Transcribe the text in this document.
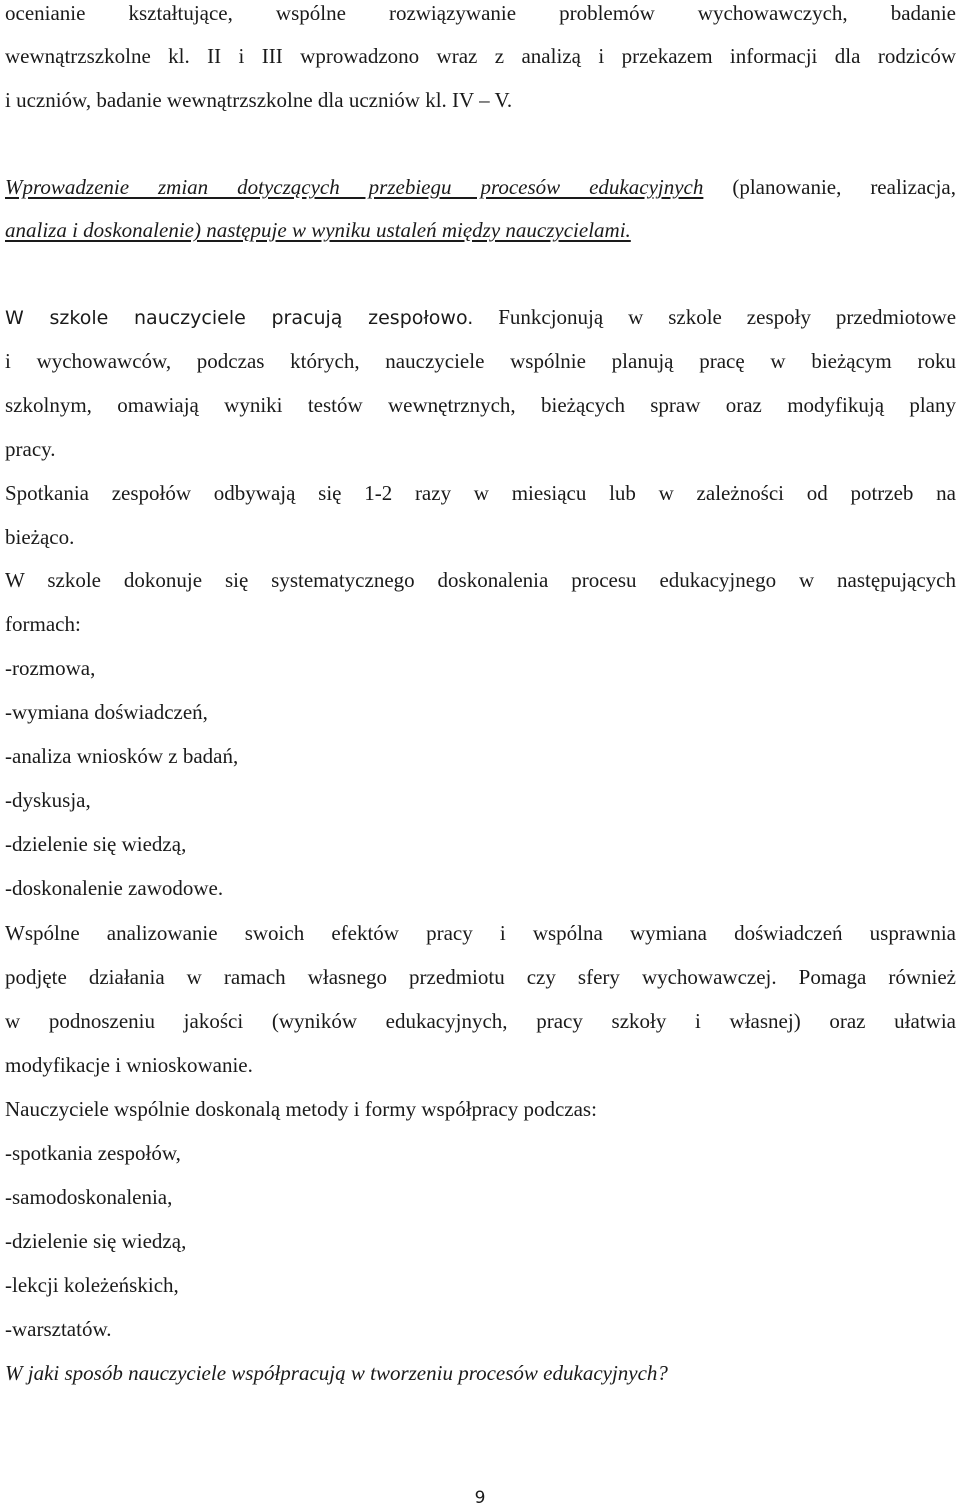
ocenianie kształtujące, wspólne rozwiązywanie problemów wychowawczych, badanie
wewnątrzszkolne kl. II i III wprowadzono wraz z analizą i przekazem informacji dla rodziców
i uczniów, badanie wewnątrzszkolne dla uczniów kl. IV – V.
Wprowadzenie zmian dotyczących przebiegu procesów edukacyjnych (planowanie, realizacja,
analiza i doskonalenie) następuje w wyniku ustaleń między nauczycielami.
W szkole nauczyciele pracują zespołowo. Funkcjonują w szkole zespoły przedmiotowe
i wychowawców, podczas których, nauczyciele wspólnie planują pracę w bieżącym roku
szkolnym, omawiają wyniki testów wewnętrznych, bieżących spraw oraz modyfikują plany
pracy.
Spotkania zespołów odbywają się 1-2 razy w miesiącu lub w zależności od potrzeb na
bieżąco.
W szkole dokonuje się systematycznego doskonalenia procesu edukacyjnego w następujących
formach:
-rozmowa,
-wymiana doświadczeń,
-analiza wniosków z badań,
-dyskusja,
-dzielenie się wiedzą,
-doskonalenie zawodowe.
Wspólne analizowanie swoich efektów pracy i wspólna wymiana doświadczeń usprawnia
podjęte działania w ramach własnego przedmiotu czy sfery wychowawczej. Pomaga również
w podnoszeniu jakości (wyników edukacyjnych, pracy szkoły i własnej) oraz ułatwia
modyfikacje i wnioskowanie.
Nauczyciele wspólnie doskonalą metody i formy współpracy podczas:
-spotkania zespołów,
-samodoskonalenia,
-dzielenie się wiedzą,
-lekcji koleżeńskich,
-warsztatów.
W jaki sposób nauczyciele współpracują w tworzeniu procesów edukacyjnych?
9
